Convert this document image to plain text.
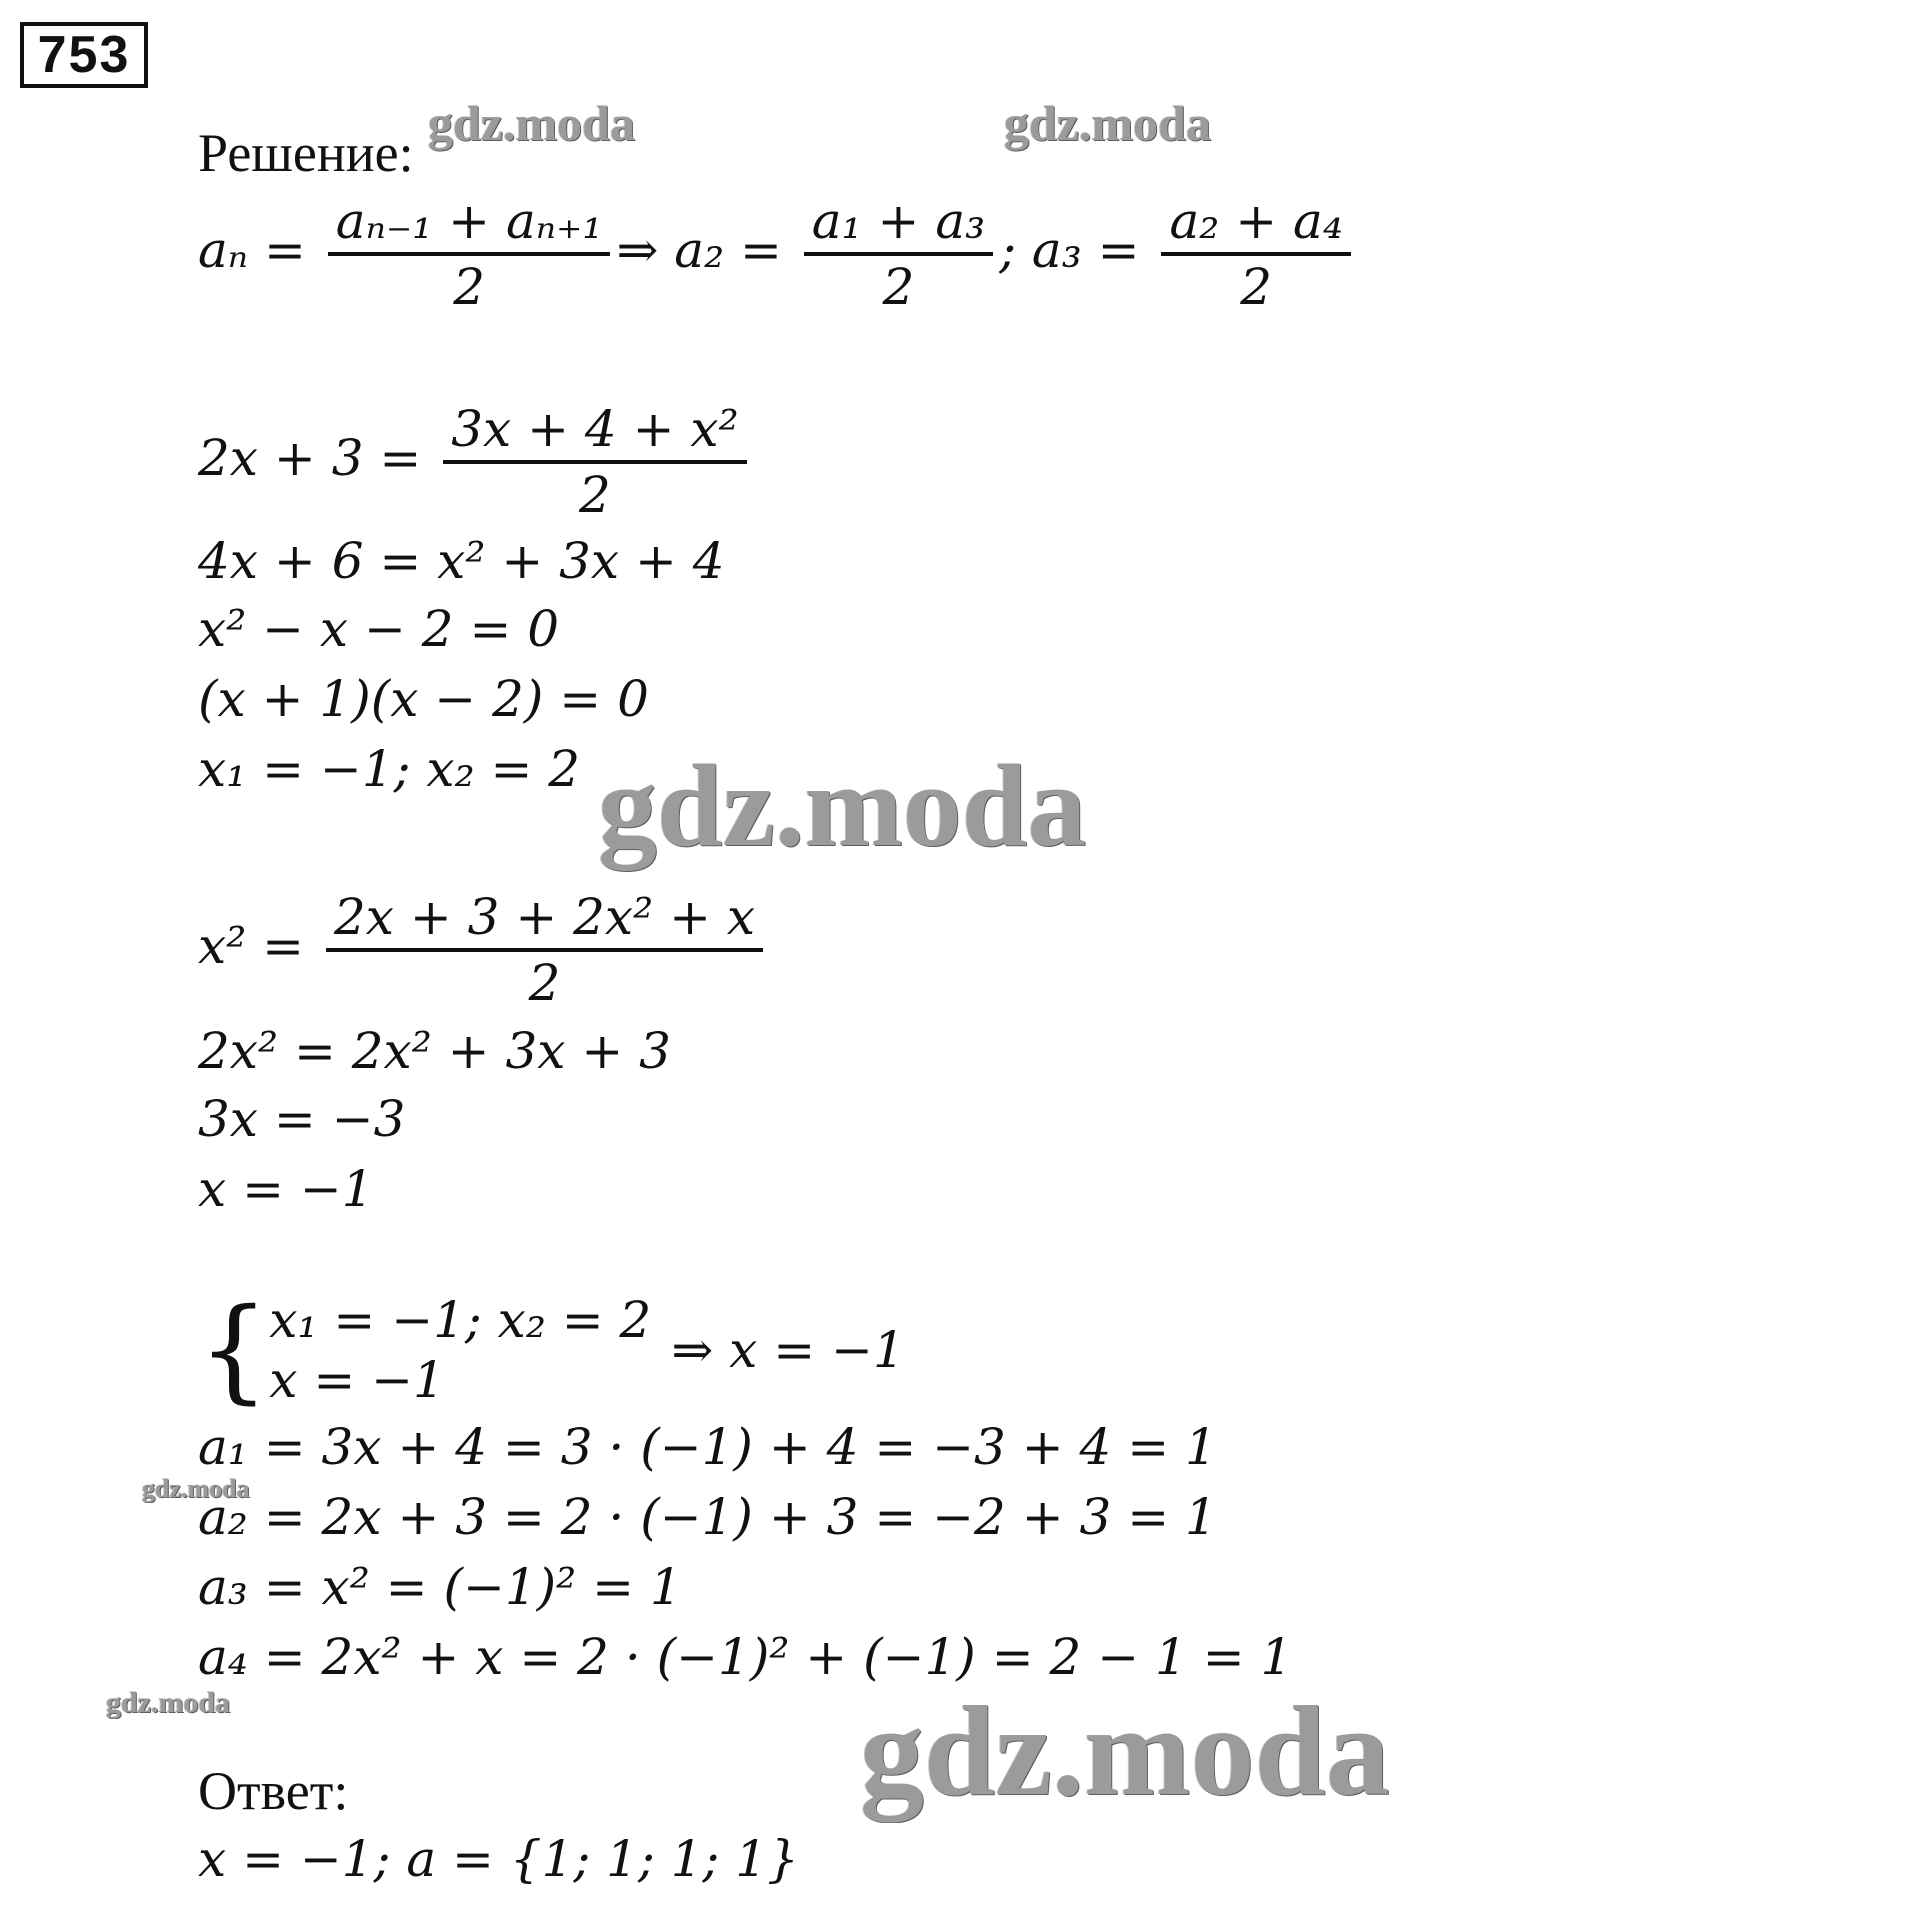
753
gdz.moda	gdz.moda
gdz.moda
gdz.moda
gdz.moda	gdz.moda
Решение:
$a_n = \frac{\text{aₙ₋₁ + aₙ₊₁}}{2}$ ⇒ $a_2 = \frac{\text{a₁ + a₃}}{2}$ ; $a_3 = \frac{\text{a₂ + a₄}}{2}$
$2x + 3 = \frac{\text{3x + 4 + x²}}{2}$
4x + 6 = x² + 3x + 4
x² − x − 2 = 0
(x + 1)(x − 2) = 0
x₁ = −1; x₂ = 2
$x^2 = \frac{\text{2x + 3 + 2x² + x}}{2}$
2x² = 2x² + 3x + 3
3x = −3
x = −1
{ x₁ = −1; x₂ = 2
x = −1
⇒ x = −1
a₁ = 3x + 4 = 3 · (−1) + 4 = −3 + 4 = 1
a₂ = 2x + 3 = 2 · (−1) + 3 = −2 + 3 = 1
a₃ = x² = (−1)² = 1
a₄ = 2x² + x = 2 · (−1)² + (−1) = 2 − 1 = 1
Ответ:
x = −1; a = {1; 1; 1; 1}
